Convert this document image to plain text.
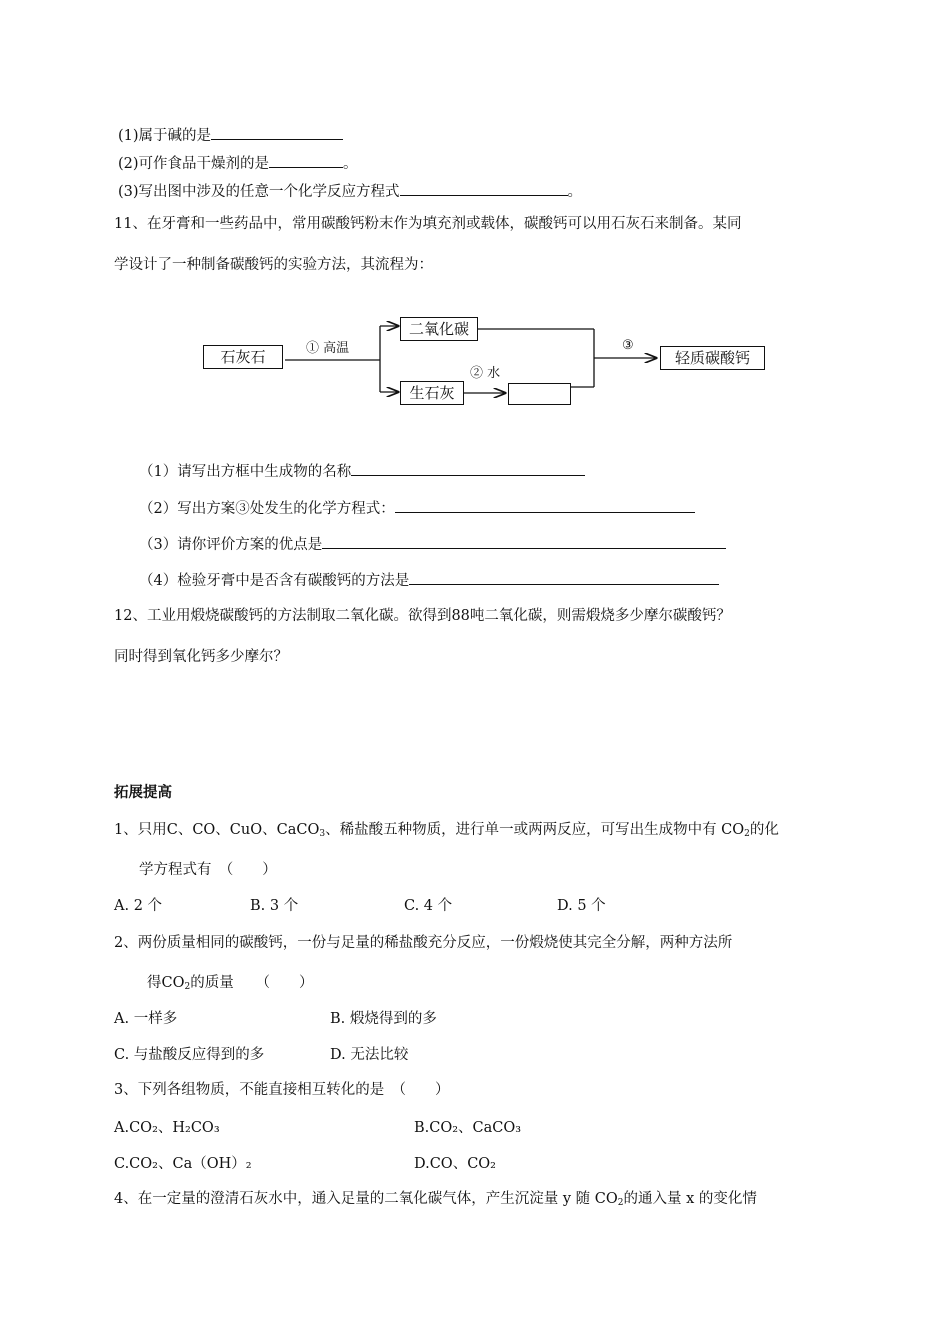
(1)属于碱的是
(2)可作食品干燥剂的是	。
(3)写出图中涉及的任意一个化学反应方程式	。
11、在牙膏和一些药品中，常用碳酸钙粉末作为填充剂或载体，碳酸钙可以用石灰石来制备。某同
学设计了一种制备碳酸钙的实验方法，其流程为：
石灰石	① 高温
二氧化碳
生石灰
② 水
③
轻质碳酸钙
（1）请写出方框中生成物的名称
（2）写出方案③处发生的化学方程式：
（3）请你评价方案的优点是
（4）检验牙膏中是否含有碳酸钙的方法是
12、工业用煅烧碳酸钙的方法制取二氧化碳。欲得到88吨二氧化碳，则需煅烧多少摩尔碳酸钙？
同时得到氧化钙多少摩尔？
拓展提高
1、只用C、CO、CuO、CaCO$_3$、稀盐酸五种物质，进行单一或两两反应，可写出生成物中有 $CO_2$的化
学方程式有　（　　）
A. 2 个	B. 3 个	C. 4 个	D. 5 个
2、两份质量相同的碳酸钙，一份与足量的稀盐酸充分反应，一份煅烧使其完全分解，两种方法所
得$CO_2$的质量　　（　　）
A. 一样多	B. 煅烧得到的多
C. 与盐酸反应得到的多	D. 无法比较
3、下列各组物质，不能直接相互转化的是　（　　）
A.CO₂、H₂CO₃	B.CO₂、CaCO₃
C.CO₂、Ca（OH）₂	D.CO、CO₂
4、在一定量的澄清石灰水中，通入足量的二氧化碳气体，产生沉淀量 y 随 $CO_2$的通入量 x 的变化情
